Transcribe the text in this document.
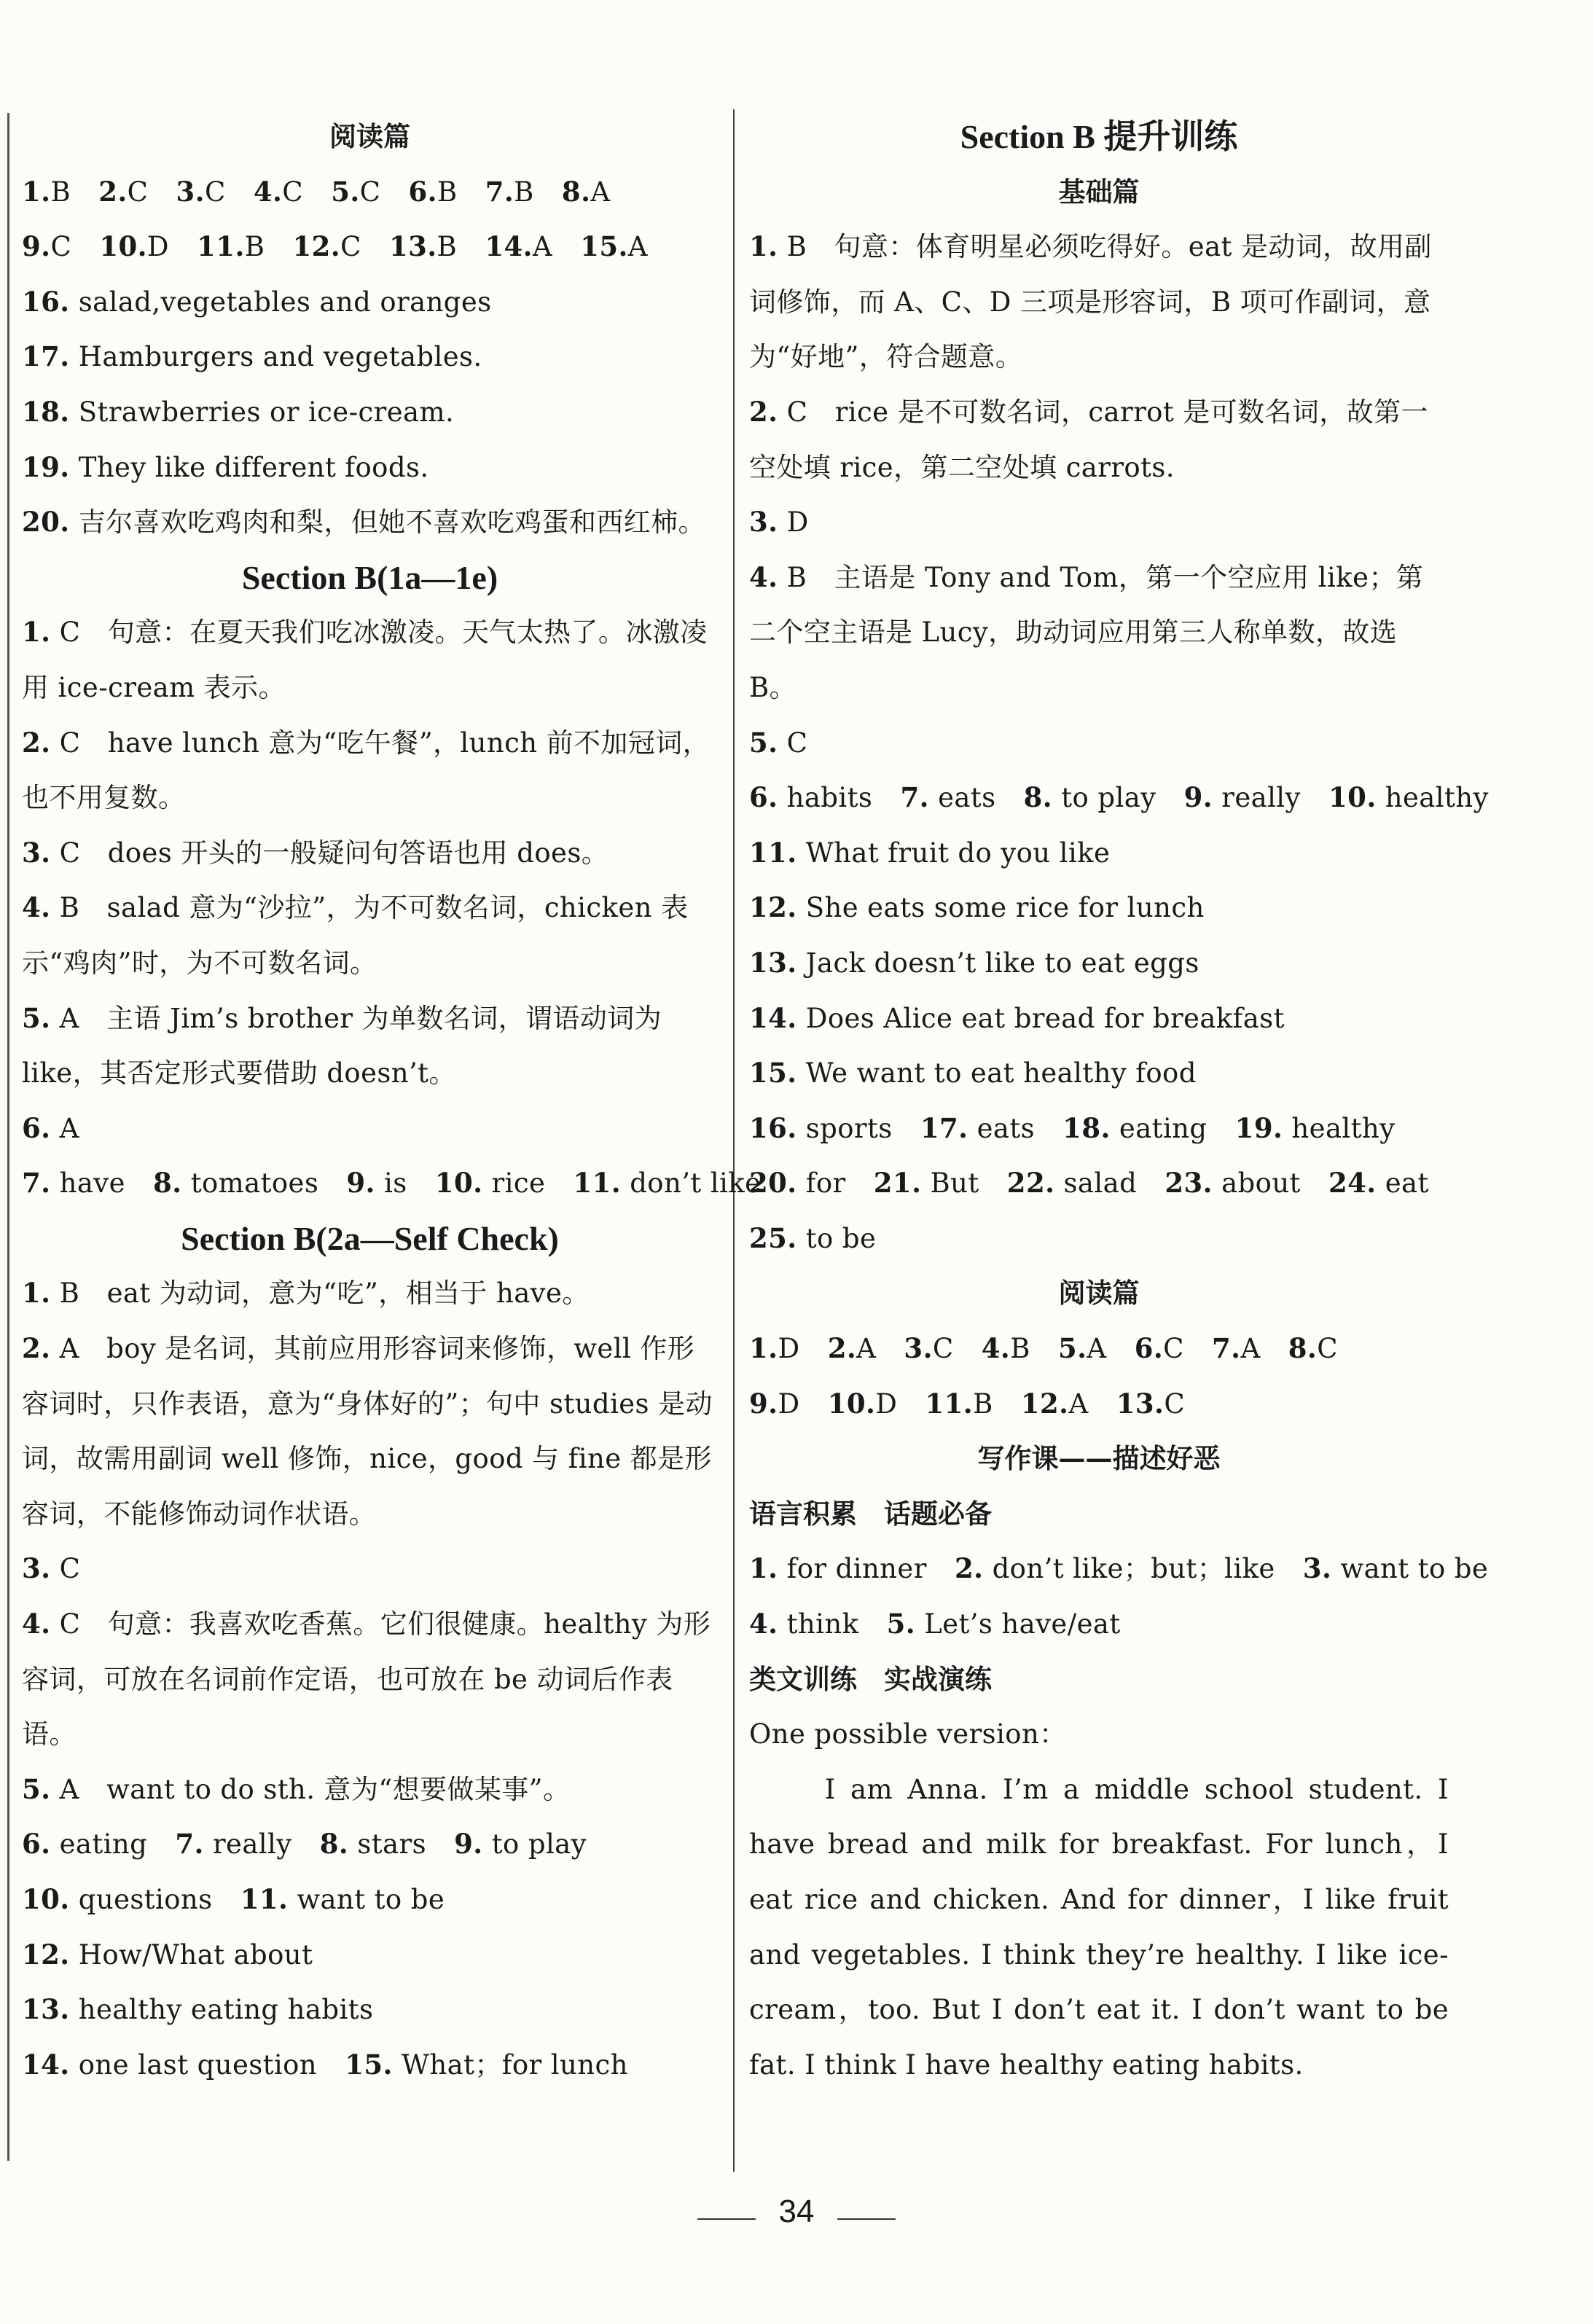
阅读篇
1.B 2.C 3.C 4.C 5.C 6.B 7.B 8.A
9.C 10.D 11.B 12.C 13.B 14.A 15.A
16. salad,vegetables and oranges
17. Hamburgers and vegetables.
18. Strawberries or ice-cream.
19. They like different foods.
20. 吉尔喜欢吃鸡肉和梨，但她不喜欢吃鸡蛋和西红柿。
Section B(1a—1e)
1. C　句意：在夏天我们吃冰激凌。天气太热了。冰激凌用 ice-cream 表示。
2. C　have lunch 意为“吃午餐”，lunch 前不加冠词，也不用复数。
3. C　does 开头的一般疑问句答语也用 does。
4. B　salad 意为“沙拉”，为不可数名词，chicken 表示“鸡肉”时，为不可数名词。
5. A　主语 Jim’s brother 为单数名词，谓语动词为 like，其否定形式要借助 doesn’t。
6. A
7. have 8. tomatoes 9. is 10. rice 11. don’t like
Section B(2a—Self Check)
1. B　eat 为动词，意为“吃”，相当于 have。
2. A　boy 是名词，其前应用形容词来修饰，well 作形容词时，只作表语，意为“身体好的”；句中 studies 是动词，故需用副词 well 修饰，nice，good 与 fine 都是形容词，不能修饰动词作状语。
3. C
4. C　句意：我喜欢吃香蕉。它们很健康。healthy 为形容词，可放在名词前作定语，也可放在 be 动词后作表语。
5. A　want to do sth. 意为“想要做某事”。
6. eating 7. really 8. stars 9. to play
10. questions 11. want to be
12. How/What about
13. healthy eating habits
14. one last question 15. What；for lunch
Section B 提升训练
基础篇
1. B　句意：体育明星必须吃得好。eat 是动词，故用副词修饰，而 A、C、D 三项是形容词，B 项可作副词，意为“好地”，符合题意。
2. C　rice 是不可数名词，carrot 是可数名词，故第一空处填 rice，第二空处填 carrots.
3. D
4. B　主语是 Tony and Tom，第一个空应用 like；第二个空主语是 Lucy，助动词应用第三人称单数，故选 B。
5. C
6. habits 7. eats 8. to play 9. really 10. healthy
11. What fruit do you like
12. She eats some rice for lunch
13. Jack doesn’t like to eat eggs
14. Does Alice eat bread for breakfast
15. We want to eat healthy food
16. sports 17. eats 18. eating 19. healthy
20. for 21. But 22. salad 23. about 24. eat
25. to be
阅读篇
1.D 2.A 3.C 4.B 5.A 6.C 7.A 8.C
9.D 10.D 11.B 12.A 13.C
写作课——描述好恶
语言积累　话题必备
1. for dinner 2. don’t like；but；like 3. want to be
4. think 5. Let’s have/eat
类文训练　实战演练
One possible version：
I am Anna. I’m a middle school student. I have bread and milk for breakfast. For lunch，I eat rice and chicken. And for dinner，I like fruit and vegetables. I think they’re healthy. I like ice-cream，too. But I don’t eat it. I don’t want to be fat. I think I have healthy eating habits.
34
